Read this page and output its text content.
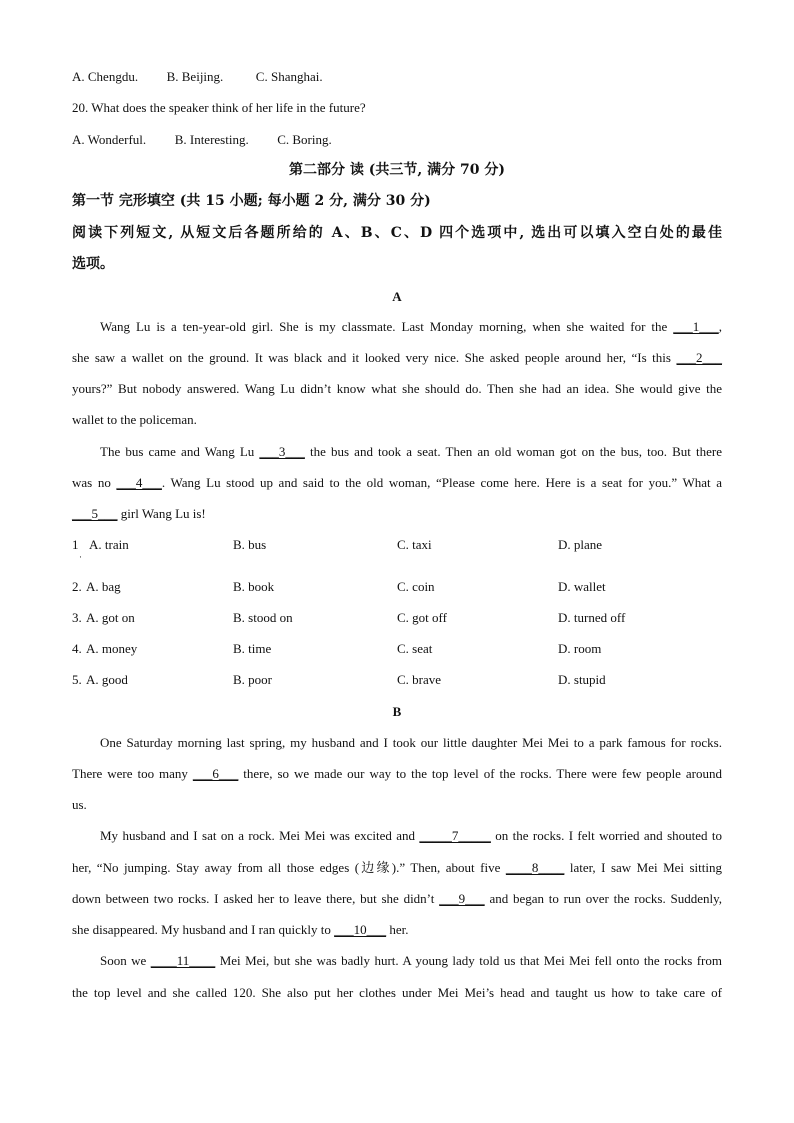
A. Chengdu. B. Beijing.	C. Shanghai.
20. What does the speaker think of her life in the future?
A. Wonderful. B. Interesting. C. Boring.
第二部分 读 (共三节, 满分 70 分)
第一节 完形填空 (共 15 小题; 每小题 2 分, 满分 30 分)
阅读下列短文, 从短文后各题所给的 A、B、C、D 四个选项中, 选出可以填入空白处的最佳
选项。
A
Wang Lu is a ten-year-old girl. She is my classmate. Last Monday morning, when she waited for the ___1___,
she saw a wallet on the ground. It was black and it looked very nice. She asked people around her, “Is this ___2___
yours?” But nobody answered. Wang Lu didn’t know what she should do. Then she had an idea. She would give the
wallet to the policeman.
The bus came and Wang Lu ___3___ the bus and took a seat. Then an old woman got on the bus, too. But there
was no ___4___. Wang Lu stood up and said to the old woman, “Please come here. Here is a seat for you.” What a
___5___ girl Wang Lu is!
1
·
A. train	B. bus	C. taxi	D. plane
2. A. bag	B. book	C. coin	D. wallet
3. A. got on	B. stood on	C. got off	D. turned off
4. A. money	B. time	C. seat	D. room
5. A. good	B. poor	C. brave	D. stupid
B
One Saturday morning last spring, my husband and I took our little daughter Mei Mei to a park famous for rocks.
There were too many ___6___ there, so we made our way to the top level of the rocks. There were few people around
us.
My husband and I sat on a rock. Mei Mei was excited and _____7_____ on the rocks. I felt worried and shouted to
her, “No jumping. Stay away from all those edges (边缘).” Then, about five ____8____ later, I saw Mei Mei sitting
down between two rocks. I asked her to leave there, but she didn’t ___9___ and began to run over the rocks. Suddenly,
she disappeared. My husband and I ran quickly to ___10___ her.
Soon we ____11____ Mei Mei, but she was badly hurt. A young lady told us that Mei Mei fell onto the rocks from
the top level and she called 120. She also put her clothes under Mei Mei’s head and taught us how to take care of
